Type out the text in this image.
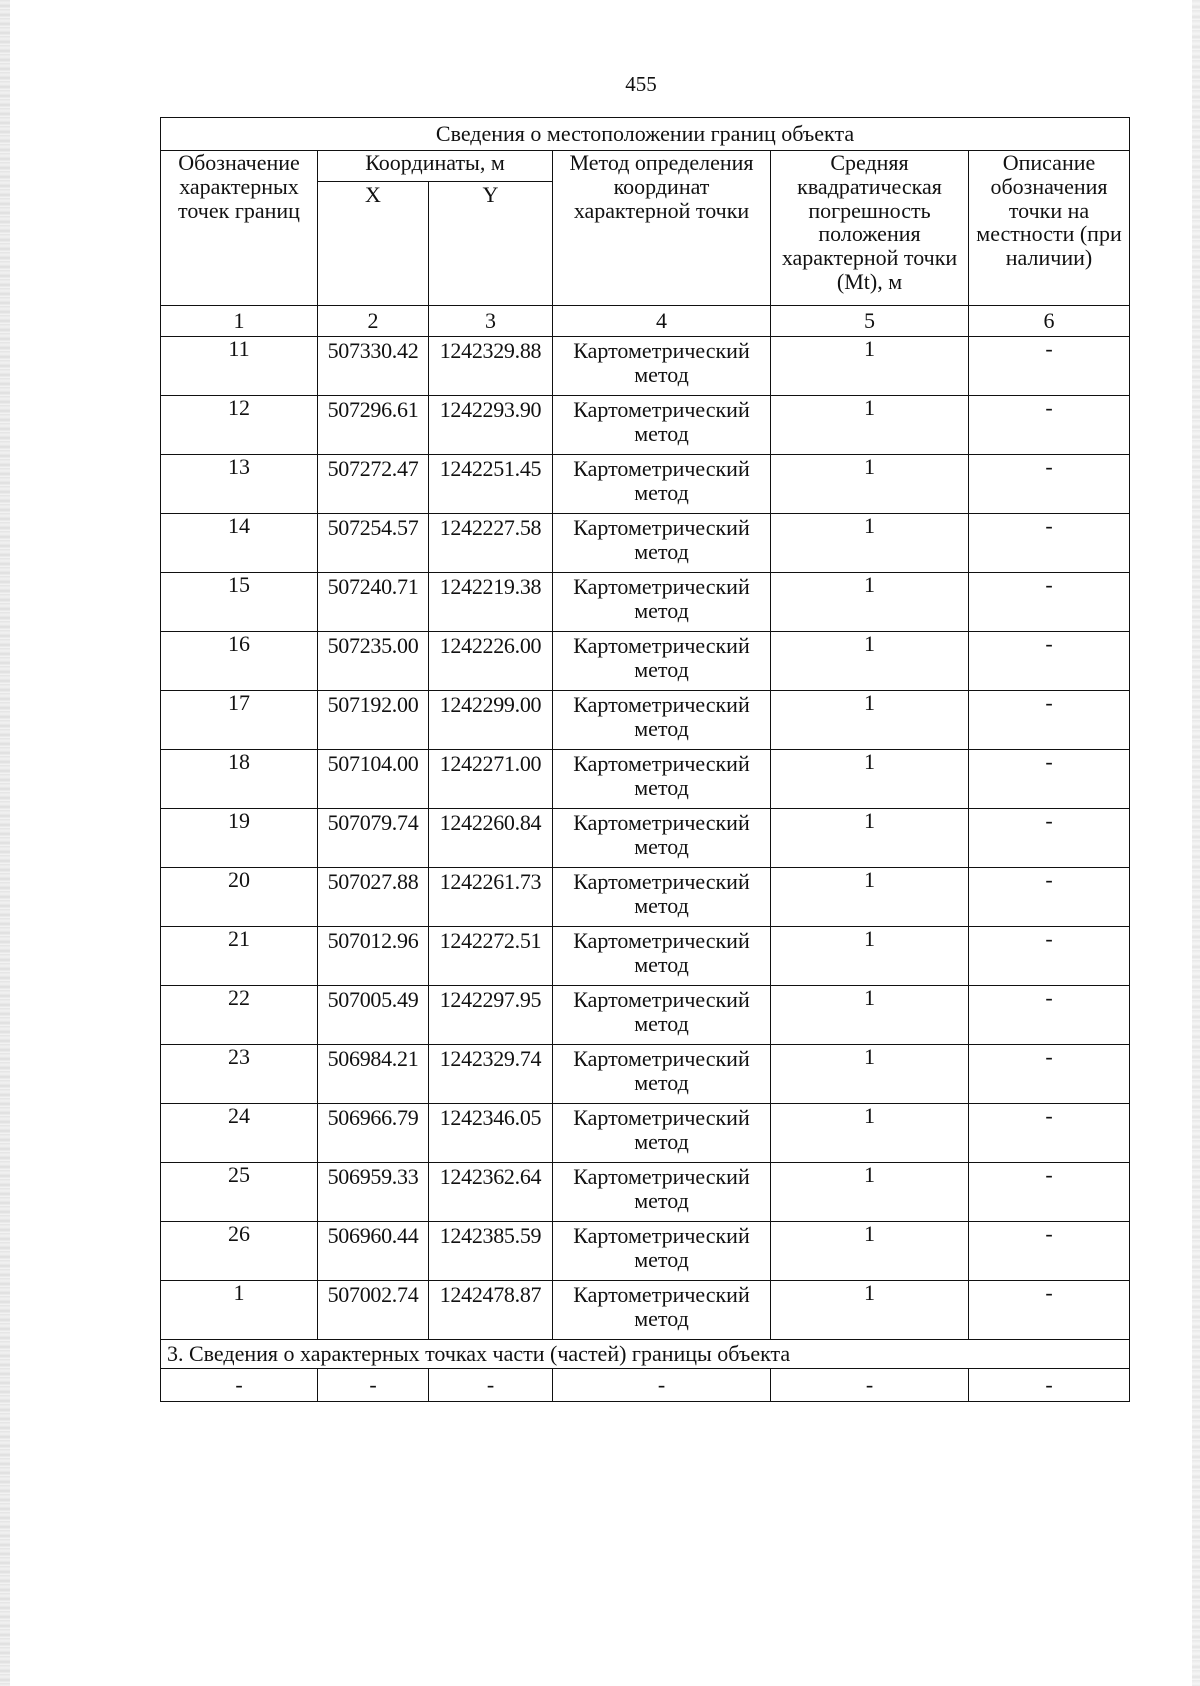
455
Сведения о местоположении границ объекта					
Обозначение характерных точек границ	Координаты, м		Метод определения координат характерной точки	Средняя квадратическая погрешность положения характерной точки (Mt), м	Описание обозначения точки на местности (при наличии)
	X	Y			
1	2	3	4	5	6
11	507330.42	1242329.88	Картометрический метод	1	-
12	507296.61	1242293.90	Картометрический метод	1	-
13	507272.47	1242251.45	Картометрический метод	1	-
14	507254.57	1242227.58	Картометрический метод	1	-
15	507240.71	1242219.38	Картометрический метод	1	-
16	507235.00	1242226.00	Картометрический метод	1	-
17	507192.00	1242299.00	Картометрический метод	1	-
18	507104.00	1242271.00	Картометрический метод	1	-
19	507079.74	1242260.84	Картометрический метод	1	-
20	507027.88	1242261.73	Картометрический метод	1	-
21	507012.96	1242272.51	Картометрический метод	1	-
22	507005.49	1242297.95	Картометрический метод	1	-
23	506984.21	1242329.74	Картометрический метод	1	-
24	506966.79	1242346.05	Картометрический метод	1	-
25	506959.33	1242362.64	Картометрический метод	1	-
26	506960.44	1242385.59	Картометрический метод	1	-
1	507002.74	1242478.87	Картометрический метод	1	-
3. Сведения о характерных точках части (частей) границы объекта					
-	-	-	-	-	-
